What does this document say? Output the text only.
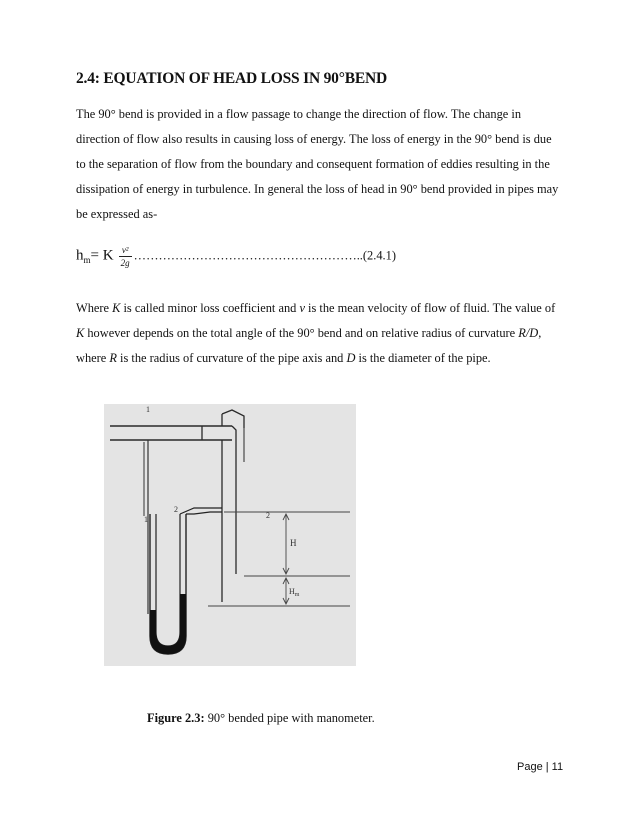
2.4: EQUATION OF HEAD LOSS IN 90°BEND
The 90° bend is provided in a flow passage to change the direction of flow. The change in
direction of flow also results in causing loss of energy. The loss of energy in the 90° bend is due
to the separation of flow from the boundary and consequent formation of eddies resulting in the
dissipation of energy in turbulence. In general the loss of head in 90° bend provided in pipes may
be expressed as-
$h_m= K \frac{\text{v²}}{2g}$ ………………………………………………..(2.4.1)
Where K is called minor loss coefficient and v is the mean velocity of flow of fluid. The value of
K however depends on the total angle of the 90° bend and on relative radius of curvature R/D,
where R is the radius of curvature of the pipe axis and D is the diameter of the pipe.
1
1
2
2
H
$H_m$
Figure 2.3: 90° bended pipe with manometer.
Page | 11
